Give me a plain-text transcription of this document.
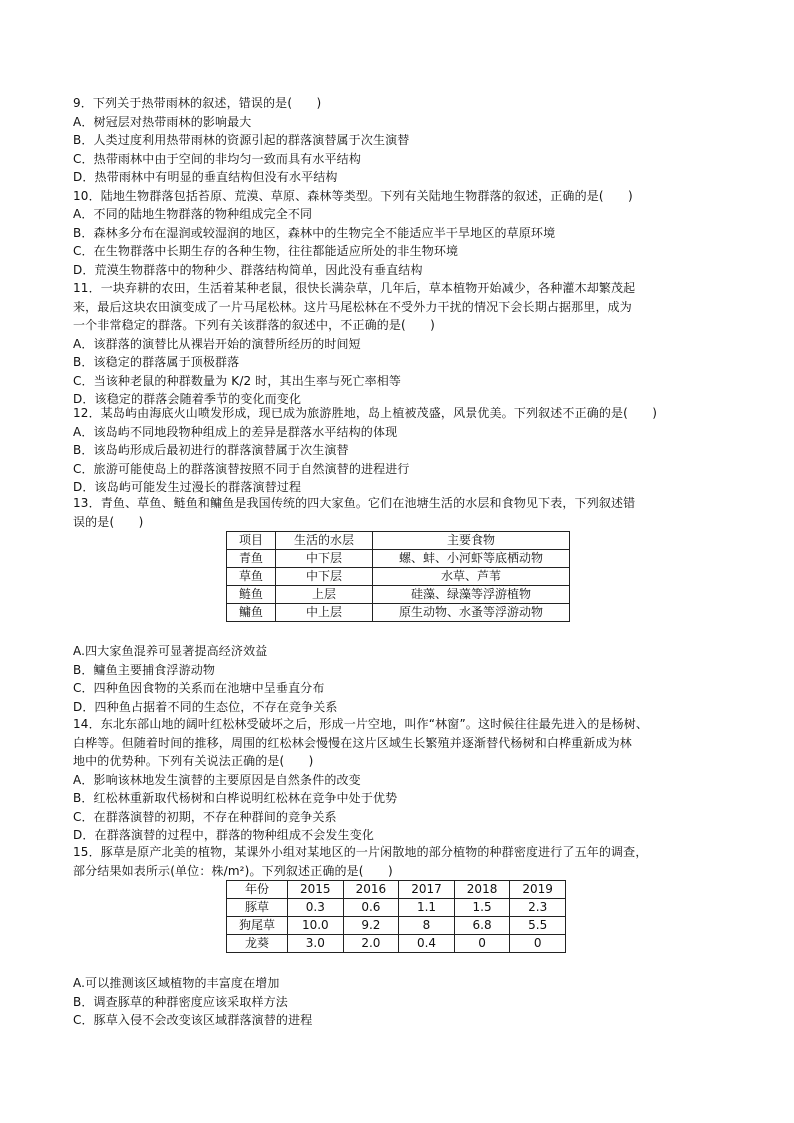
9．下列关于热带雨林的叙述，错误的是(　　)
A．树冠层对热带雨林的影响最大
B．人类过度利用热带雨林的资源引起的群落演替属于次生演替
C．热带雨林中由于空间的非均匀一致而具有水平结构
D．热带雨林中有明显的垂直结构但没有水平结构
10．陆地生物群落包括苔原、荒漠、草原、森林等类型。下列有关陆地生物群落的叙述，正确的是(　　)
A．不同的陆地生物群落的物种组成完全不同
B．森林多分布在湿润或较湿润的地区，森林中的生物完全不能适应半干旱地区的草原环境
C．在生物群落中长期生存的各种生物，往往都能适应所处的非生物环境
D．荒漠生物群落中的物种少、群落结构简单，因此没有垂直结构
11．一块弃耕的农田，生活着某种老鼠，很快长满杂草，几年后，草本植物开始减少，各种灌木却繁茂起
来，最后这块农田演变成了一片马尾松林。这片马尾松林在不受外力干扰的情况下会长期占据那里，成为
一个非常稳定的群落。下列有关该群落的叙述中，不正确的是(　　)
A．该群落的演替比从裸岩开始的演替所经历的时间短
B．该稳定的群落属于顶极群落
C．当该种老鼠的种群数量为 K/2 时，其出生率与死亡率相等
D．该稳定的群落会随着季节的变化而变化
12．某岛屿由海底火山喷发形成，现已成为旅游胜地，岛上植被茂盛，风景优美。下列叙述不正确的是(　　)
A．该岛屿不同地段物种组成上的差异是群落水平结构的体现
B．该岛屿形成后最初进行的群落演替属于次生演替
C．旅游可能使岛上的群落演替按照不同于自然演替的进程进行
D．该岛屿可能发生过漫长的群落演替过程
13．青鱼、草鱼、鲢鱼和鳙鱼是我国传统的四大家鱼。它们在池塘生活的水层和食物见下表，下列叙述错
误的是(　　)
项目	生活的水层	主要食物
青鱼	中下层	螺、蚌、小河虾等底栖动物
草鱼	中下层	水草、芦苇
鲢鱼	上层	硅藻、绿藻等浮游植物
鳙鱼	中上层	原生动物、水蚤等浮游动物
A.四大家鱼混养可显著提高经济效益
B．鳙鱼主要捕食浮游动物
C．四种鱼因食物的关系而在池塘中呈垂直分布
D．四种鱼占据着不同的生态位，不存在竞争关系
14．东北东部山地的阔叶红松林受破坏之后，形成一片空地，叫作“林窗”。这时候往往最先进入的是杨树、
白桦等。但随着时间的推移，周围的红松林会慢慢在这片区域生长繁殖并逐渐替代杨树和白桦重新成为林
地中的优势种。下列有关说法正确的是(　　)
A．影响该林地发生演替的主要原因是自然条件的改变
B．红松林重新取代杨树和白桦说明红松林在竞争中处于优势
C．在群落演替的初期，不存在种群间的竞争关系
D．在群落演替的过程中，群落的物种组成不会发生变化
15．豚草是原产北美的植物，某课外小组对某地区的一片闲散地的部分植物的种群密度进行了五年的调查，
部分结果如表所示(单位：株/m²)。下列叙述正确的是(　　)
年份	2015	2016	2017	2018	2019
豚草	0.3	0.6	1.1	1.5	2.3
狗尾草	10.0	9.2	8	6.8	5.5
龙葵	3.0	2.0	0.4	0	0
A.可以推测该区域植物的丰富度在增加
B．调查豚草的种群密度应该采取样方法
C．豚草入侵不会改变该区域群落演替的进程
